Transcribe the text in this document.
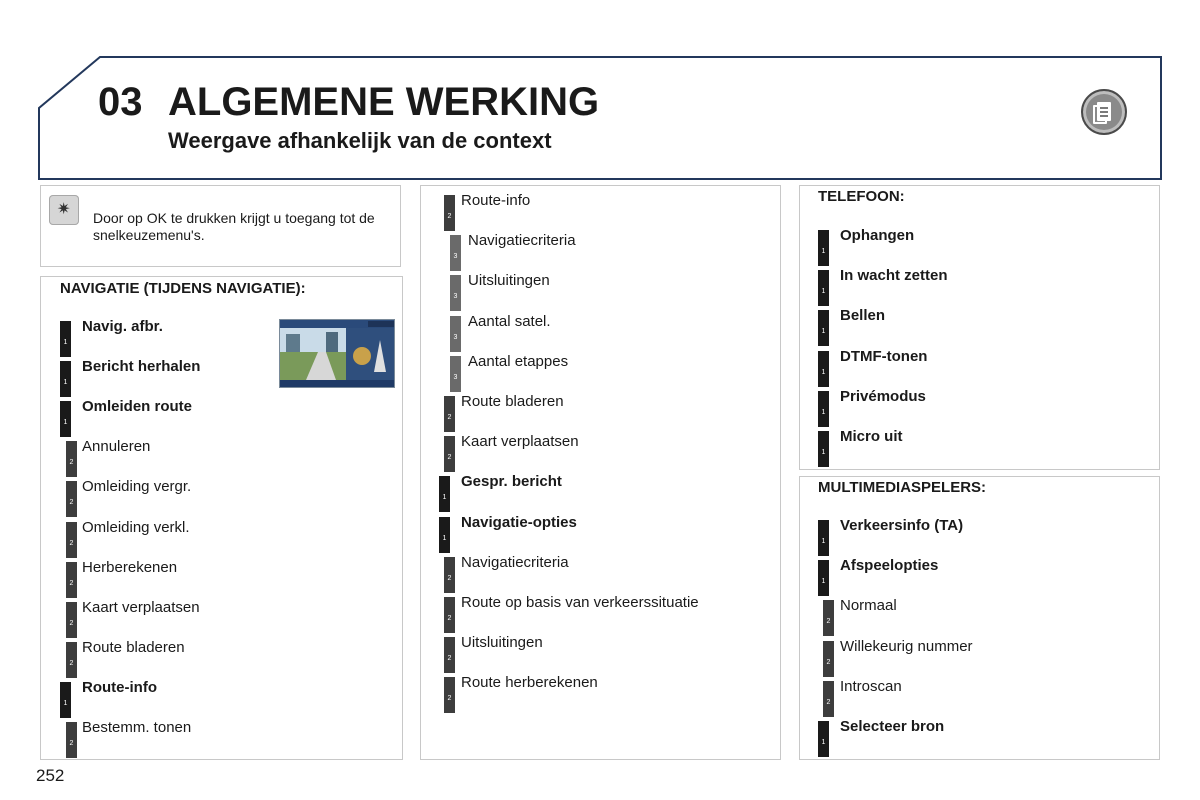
03 ALGEMENE WERKING
Weergave afhankelijk van de context
✷ Door op OK te drukken krijgt u toegang tot de snelkeuzemenu's.
NAVIGATIE (TIJDENS NAVIGATIE):
1
Navig. afbr.
1
Bericht herhalen
1
Omleiden route
2
Annuleren
2
Omleiding vergr.
2
Omleiding verkl.
2
Herberekenen
2
Kaart verplaatsen
2
Route bladeren
1
Route-info
2
Bestemm. tonen
2
Route-info
3
Navigatiecriteria
3
Uitsluitingen
3
Aantal satel.
3
Aantal etappes
2
Route bladeren
2
Kaart verplaatsen
1
Gespr. bericht
1
Navigatie-opties
2
Navigatiecriteria
2
Route op basis van verkeerssituatie
2
Uitsluitingen
2
Route herberekenen
TELEFOON:
1
Ophangen
1
In wacht zetten
1
Bellen
1
DTMF-tonen
1
Privémodus
1
Micro uit
MULTIMEDIASPELERS:
1
Verkeersinfo (TA)
1
Afspeelopties
2
Normaal
2
Willekeurig nummer
2
Introscan
1
Selecteer bron
252
